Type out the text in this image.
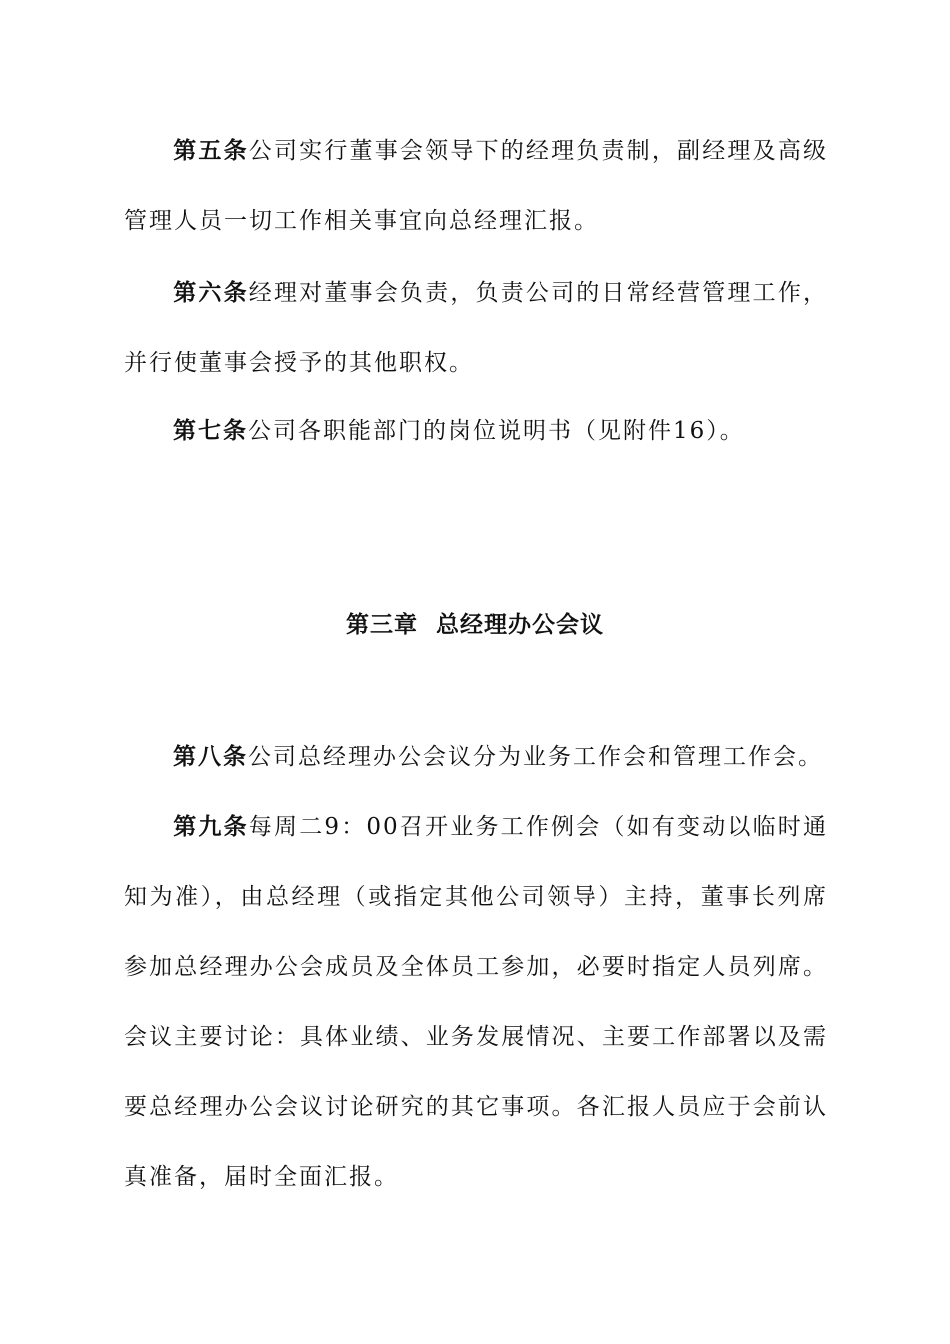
第五条公司实行董事会领导下的经理负责制，副经理及高级管理人员一切工作相关事宜向总经理汇报。

第六条经理对董事会负责，负责公司的日常经营管理工作，并行使董事会授予的其他职权。

第七条公司各职能部门的岗位说明书（见附件16）。

第三章  总经理办公会议

第八条公司总经理办公会议分为业务工作会和管理工作会。

第九条每周二9：00召开业务工作例会（如有变动以临时通知为准），由总经理（或指定其他公司领导）主持，董事长列席参加总经理办公会成员及全体员工参加，必要时指定人员列席。会议主要讨论：具体业绩、业务发展情况、主要工作部署以及需要总经理办公会议讨论研究的其它事项。各汇报人员应于会前认真准备，届时全面汇报。
